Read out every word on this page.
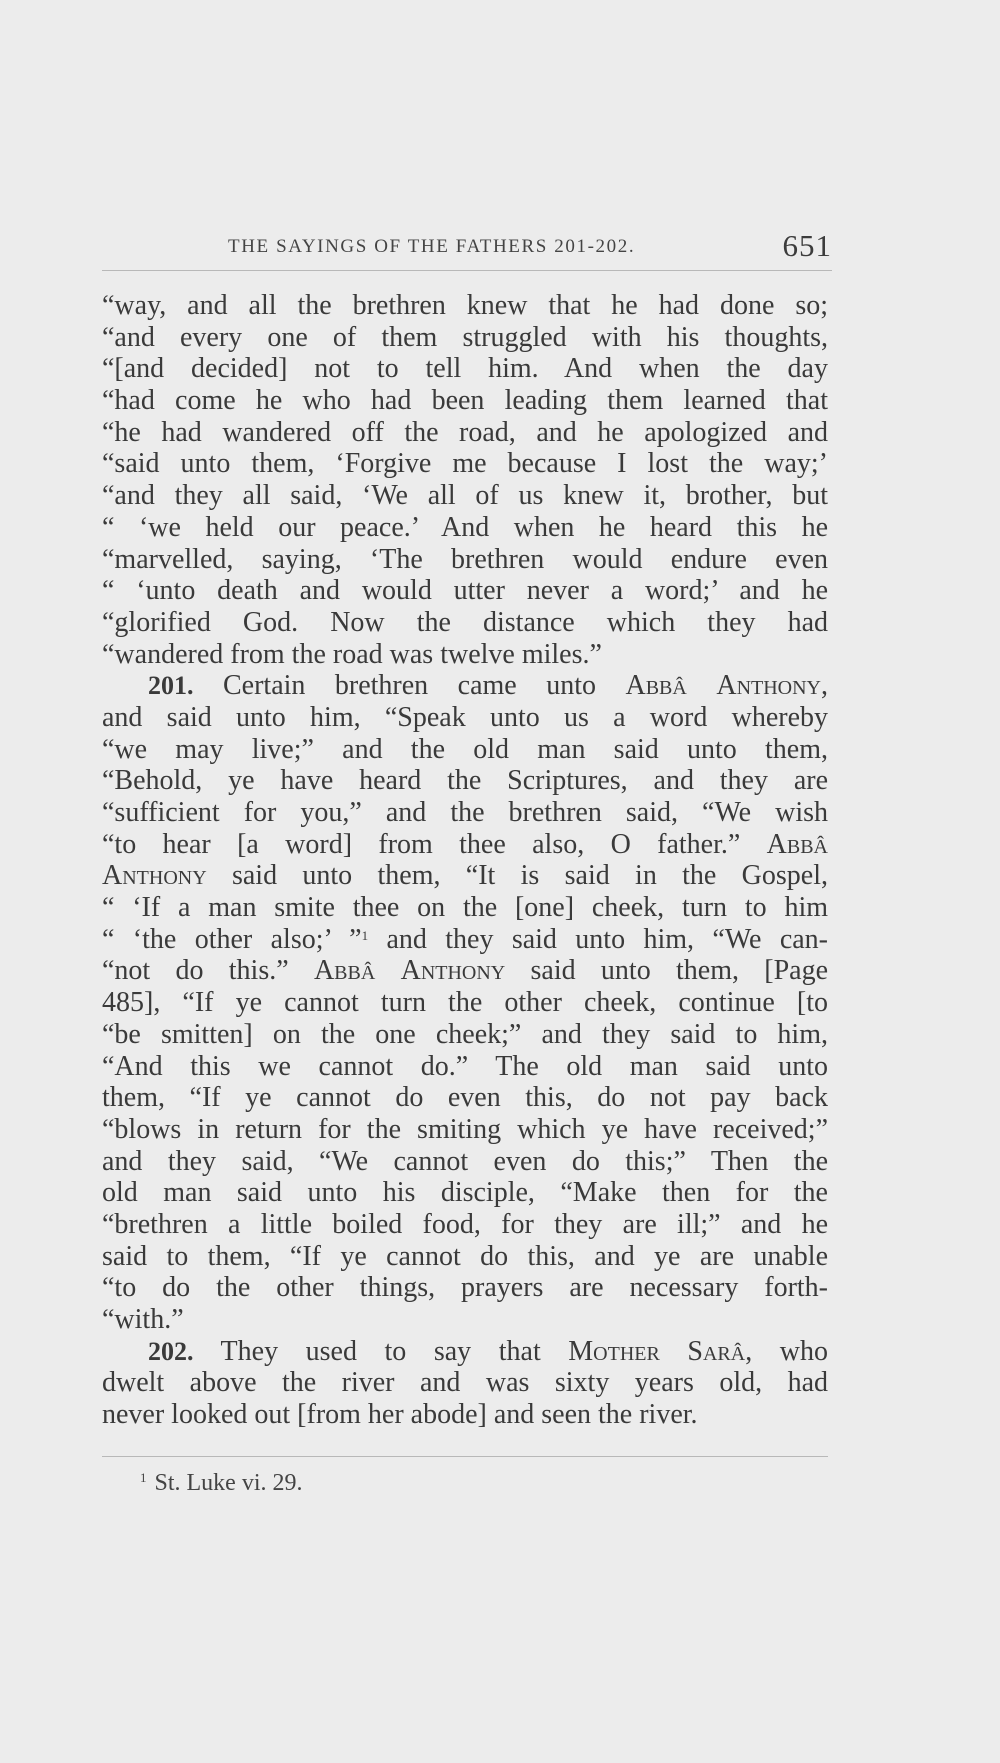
THE SAYINGS OF THE FATHERS 201-202.	651
“way, and all the brethren knew that he had done so;
“and every one of them struggled with his thoughts,
“[and decided] not to tell him. And when the day
“had come he who had been leading them learned that
“he had wandered off the road, and he apologized and
“said unto them, ‘Forgive me because I lost the way;’
“and they all said, ‘We all of us knew it, brother, but
“ ‘we held our peace.’ And when he heard this he
“marvelled, saying, ‘The brethren would endure even
“ ‘unto death and would utter never a word;’ and he
“glorified God. Now the distance which they had
“wandered from the road was twelve miles.”
201. Certain brethren came unto Abbâ Anthony,
and said unto him, “Speak unto us a word whereby
“we may live;” and the old man said unto them,
“Behold, ye have heard the Scriptures, and they are
“sufficient for you,” and the brethren said, “We wish
“to hear [a word] from thee also, O father.” Abbâ
Anthony said unto them, “It is said in the Gospel,
“ ‘If a man smite thee on the [one] cheek, turn to him
“ ‘the other also;’ ”$^1$ and they said unto him, “We can-
“not do this.” Abbâ Anthony said unto them, [Page
485], “If ye cannot turn the other cheek, continue [to
“be smitten] on the one cheek;” and they said to him,
“And this we cannot do.” The old man said unto
them, “If ye cannot do even this, do not pay back
“blows in return for the smiting which ye have received;”
and they said, “We cannot even do this;” Then the
old man said unto his disciple, “Make then for the
“brethren a little boiled food, for they are ill;” and he
said to them, “If ye cannot do this, and ye are unable
“to do the other things, prayers are necessary forth-
“with.”
202. They used to say that Mother Sarâ, who
dwelt above the river and was sixty years old, had
never looked out [from her abode] and seen the river.
$^1$ St. Luke vi. 29.
